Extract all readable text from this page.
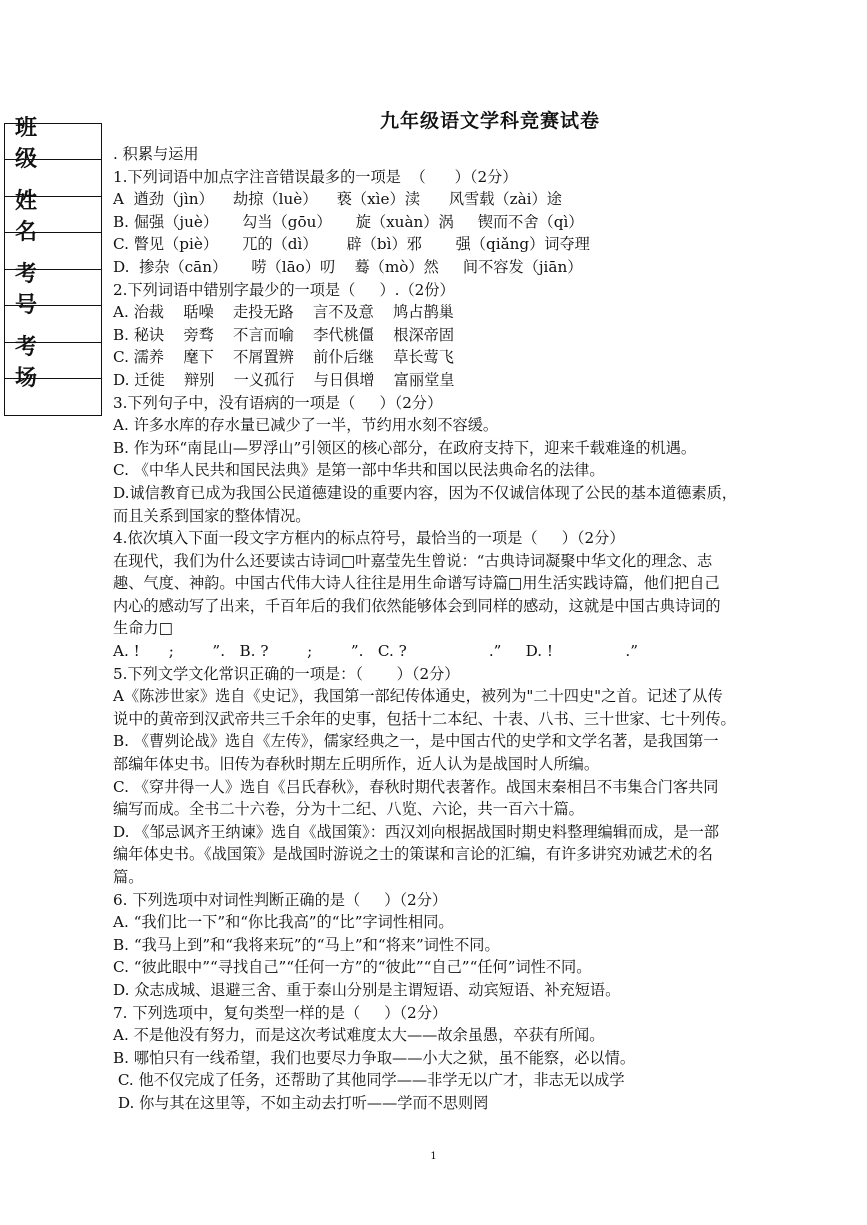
九年级语文学科竞赛试卷
班 级
姓 名
考 号
考 场

. 积累与运用

1.下列词语中加点字注音错误最多的一项是  （      ）（2分）

A  遒劲（jìn）    劫掠（luè）    亵（xìe）渎      风雪载（zài）途

B. 倔强（juè）     勾当（gōu）     旋（xuàn）涡     锲而不舍（qì）

C. 瞥见（piè）     兀的（dì）      辟（bì）邪       强（qiǎng）词夺理

D.  掺杂（cān）     唠（lāo）叨    蓦（mò）然     间不容发（jiān）

2.下列词语中错别字最少的一项是（     ）.（2份）

A. 治裁    聒噪    走投无路    言不及意    鸠占鹊巢

B. 秘诀    旁骛    不言而喻    李代桃僵    根深帝固

C. 濡养    麾下    不屑置辨    前仆后继    草长莺飞

D. 迁徙    辩别    一义孤行    与日俱增    富丽堂皇

3.下列句子中，没有语病的一项是（     ）（2分）

A. 许多水库的存水量已减少了一半，节约用水刻不容缓。

B. 作为环“南昆山—罗浮山”引领区的核心部分，在政府支持下，迎来千载难逢的机遇。

C. 《中华人民共和国民法典》是第一部中华共和国以民法典命名的法律。

D.诚信教育已成为我国公民道德建设的重要内容，因为不仅诚信体现了公民的基本道德素质，

而且关系到国家的整体情况。

4.依次填入下面一段文字方框内的标点符号，最恰当的一项是（     ）（2分）

在现代，我们为什么还要读古诗词□叶嘉莹先生曾说：“古典诗词凝聚中华文化的理念、志

趣、气度、神韵。中国古代伟大诗人往往是用生命谱写诗篇□用生活实践诗篇，他们把自己

内心的感动写了出来，千百年后的我们依然能够体会到同样的感动，这就是中国古典诗词的

生命力□

A. !      ;        ”.   B. ?        ;        ”.   C. ?                 .”     D. !               .”

5.下列文学文化常识正确的一项是：（       ）（2分）

A《陈涉世家》选自《史记》，我国第一部纪传体通史，被列为"二十四史"之首。记述了从传

说中的黄帝到汉武帝共三千余年的史事，包括十二本纪、十表、八书、三十世家、七十列传。

B. 《曹刿论战》选自《左传》，儒家经典之一，是中国古代的史学和文学名著，是我国第一

部编年体史书。旧传为春秋时期左丘明所作，近人认为是战国时人所编。

C. 《穿井得一人》选自《吕氏春秋》，春秋时期代表著作。战国末秦相吕不韦集合门客共同

编写而成。全书二十六卷，分为十二纪、八览、六论，共一百六十篇。

D. 《邹忌讽齐王纳谏》选自《战国策》：西汉刘向根据战国时期史料整理编辑而成，是一部

编年体史书。《战国策》是战国时游说之士的策谋和言论的汇编，有许多讲究劝诫艺术的名

篇。

6. 下列选项中对词性判断正确的是（     ）（2分）

A. “我们比一下”和“你比我高”的“比”字词性相同。

B. “我马上到”和“我将来玩”的“马上”和“将来”词性不同。

C. “彼此眼中”“寻找自己”“任何一方”的“彼此”“自己”“任何”词性不同。

D. 众志成城、退避三舍、重于泰山分别是主谓短语、动宾短语、补充短语。

7. 下列选项中，复句类型一样的是（     ）（2分）

A. 不是他没有努力，而是这次考试难度太大——故余虽愚，卒获有所闻。

B. 哪怕只有一线希望，我们也要尽力争取——小大之狱，虽不能察，必以情。

C. 他不仅完成了任务，还帮助了其他同学——非学无以广才，非志无以成学

D. 你与其在这里等，不如主动去打听——学而不思则罔

1
